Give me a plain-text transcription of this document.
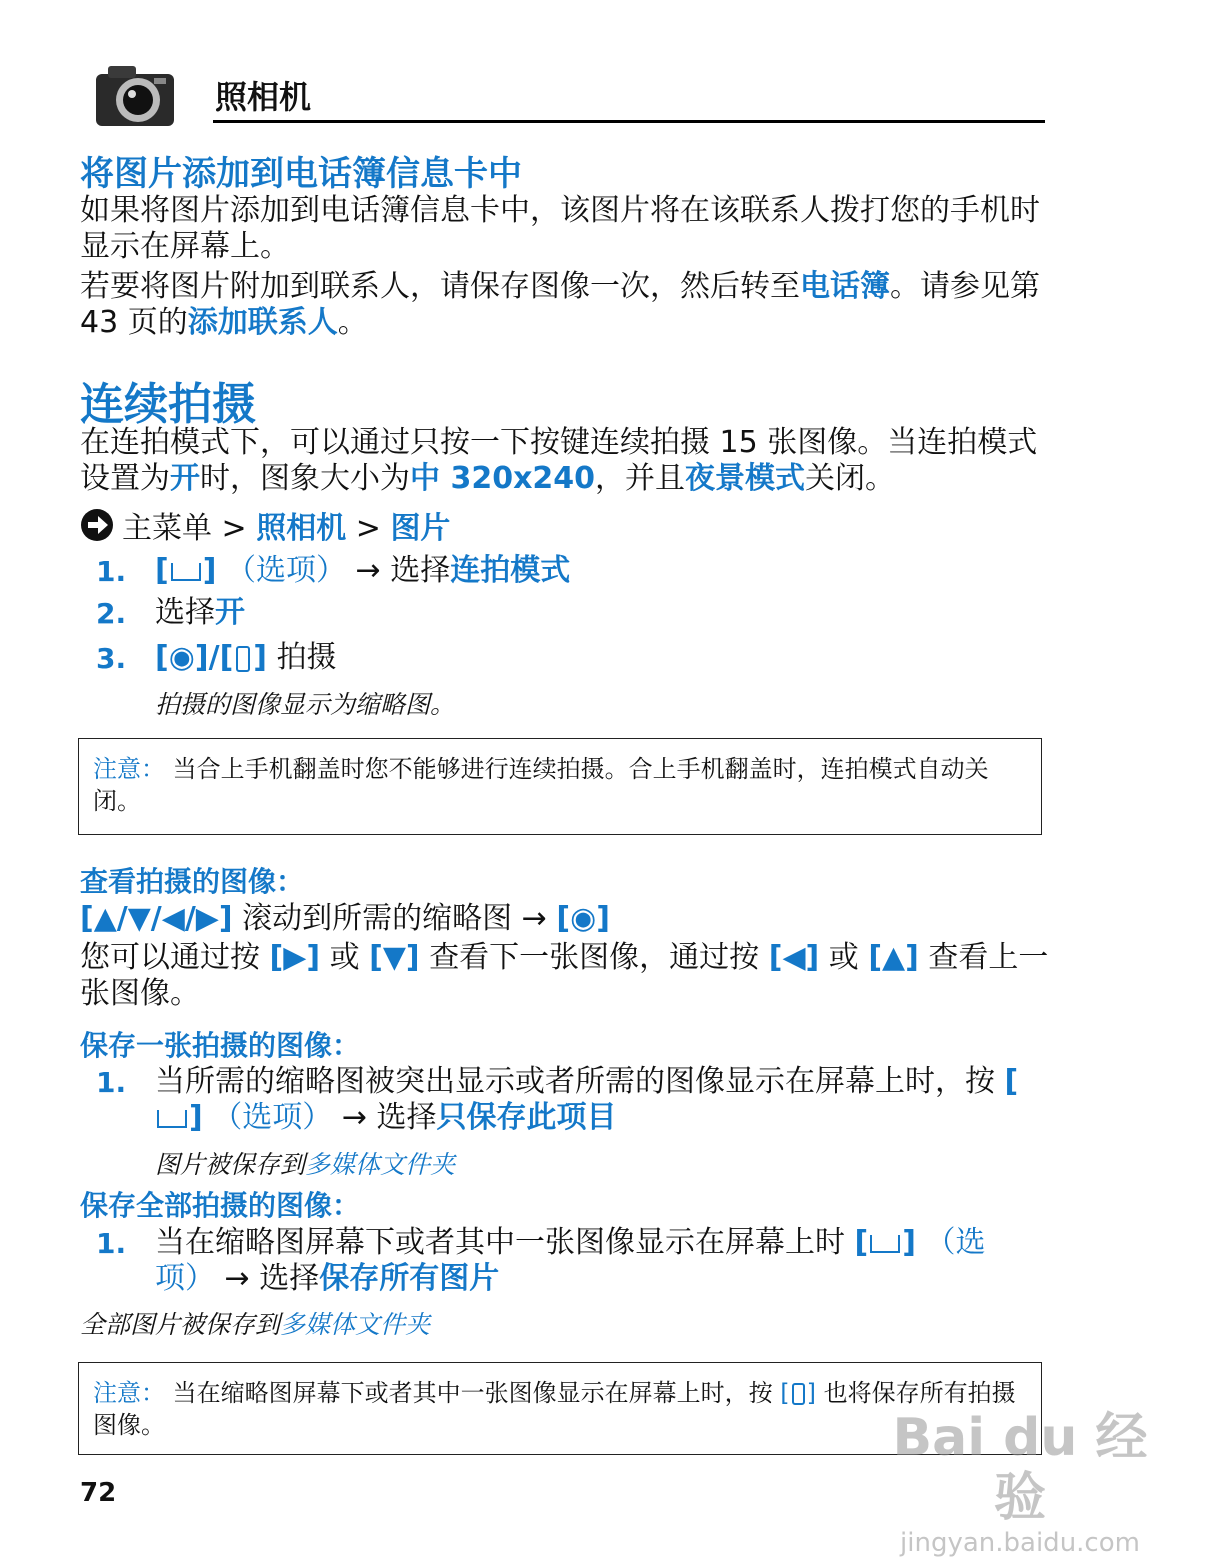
照相机
将图片添加到电话簿信息卡中
如果将图片添加到电话簿信息卡中，该图片将在该联系人拨打您的手机时显示在屏幕上。
若要将图片附加到联系人，请保存图像一次，然后转至电话簿。请参见第 43 页的添加联系人。
连续拍摄
在连拍模式下，可以通过只按一下按键连续拍摄 15 张图像。当连拍模式设置为开时，图象大小为中 320x240，并且夜景模式关闭。
主菜单 > 照相机 > 图片
1. [ ] （选项） → 选择连拍模式
2. 选择开
3. [◉]/[ ] 拍摄
拍摄的图像显示为缩略图。
注意： 当合上手机翻盖时您不能够进行连续拍摄。合上手机翻盖时，连拍模式自动关闭。
查看拍摄的图像：
[▲/▼/◀/▶] 滚动到所需的缩略图 → [◉]
您可以通过按 [▶] 或 [▼] 查看下一张图像，通过按 [◀] 或 [▲] 查看上一张图像。
保存一张拍摄的图像：
1. 当所需的缩略图被突出显示或者所需的图像显示在屏幕上时，按 [] （选项） → 选择只保存此项目
图片被保存到多媒体文件夹
保存全部拍摄的图像：
1. 当在缩略图屏幕下或者其中一张图像显示在屏幕上时 [ ] （选项） → 选择保存所有图片
全部图片被保存到多媒体文件夹
注意： 当在缩略图屏幕下或者其中一张图像显示在屏幕上时，按 [ ] 也将保存所有拍摄图像。
72
Bai du 经验
jingyan.baidu.com
